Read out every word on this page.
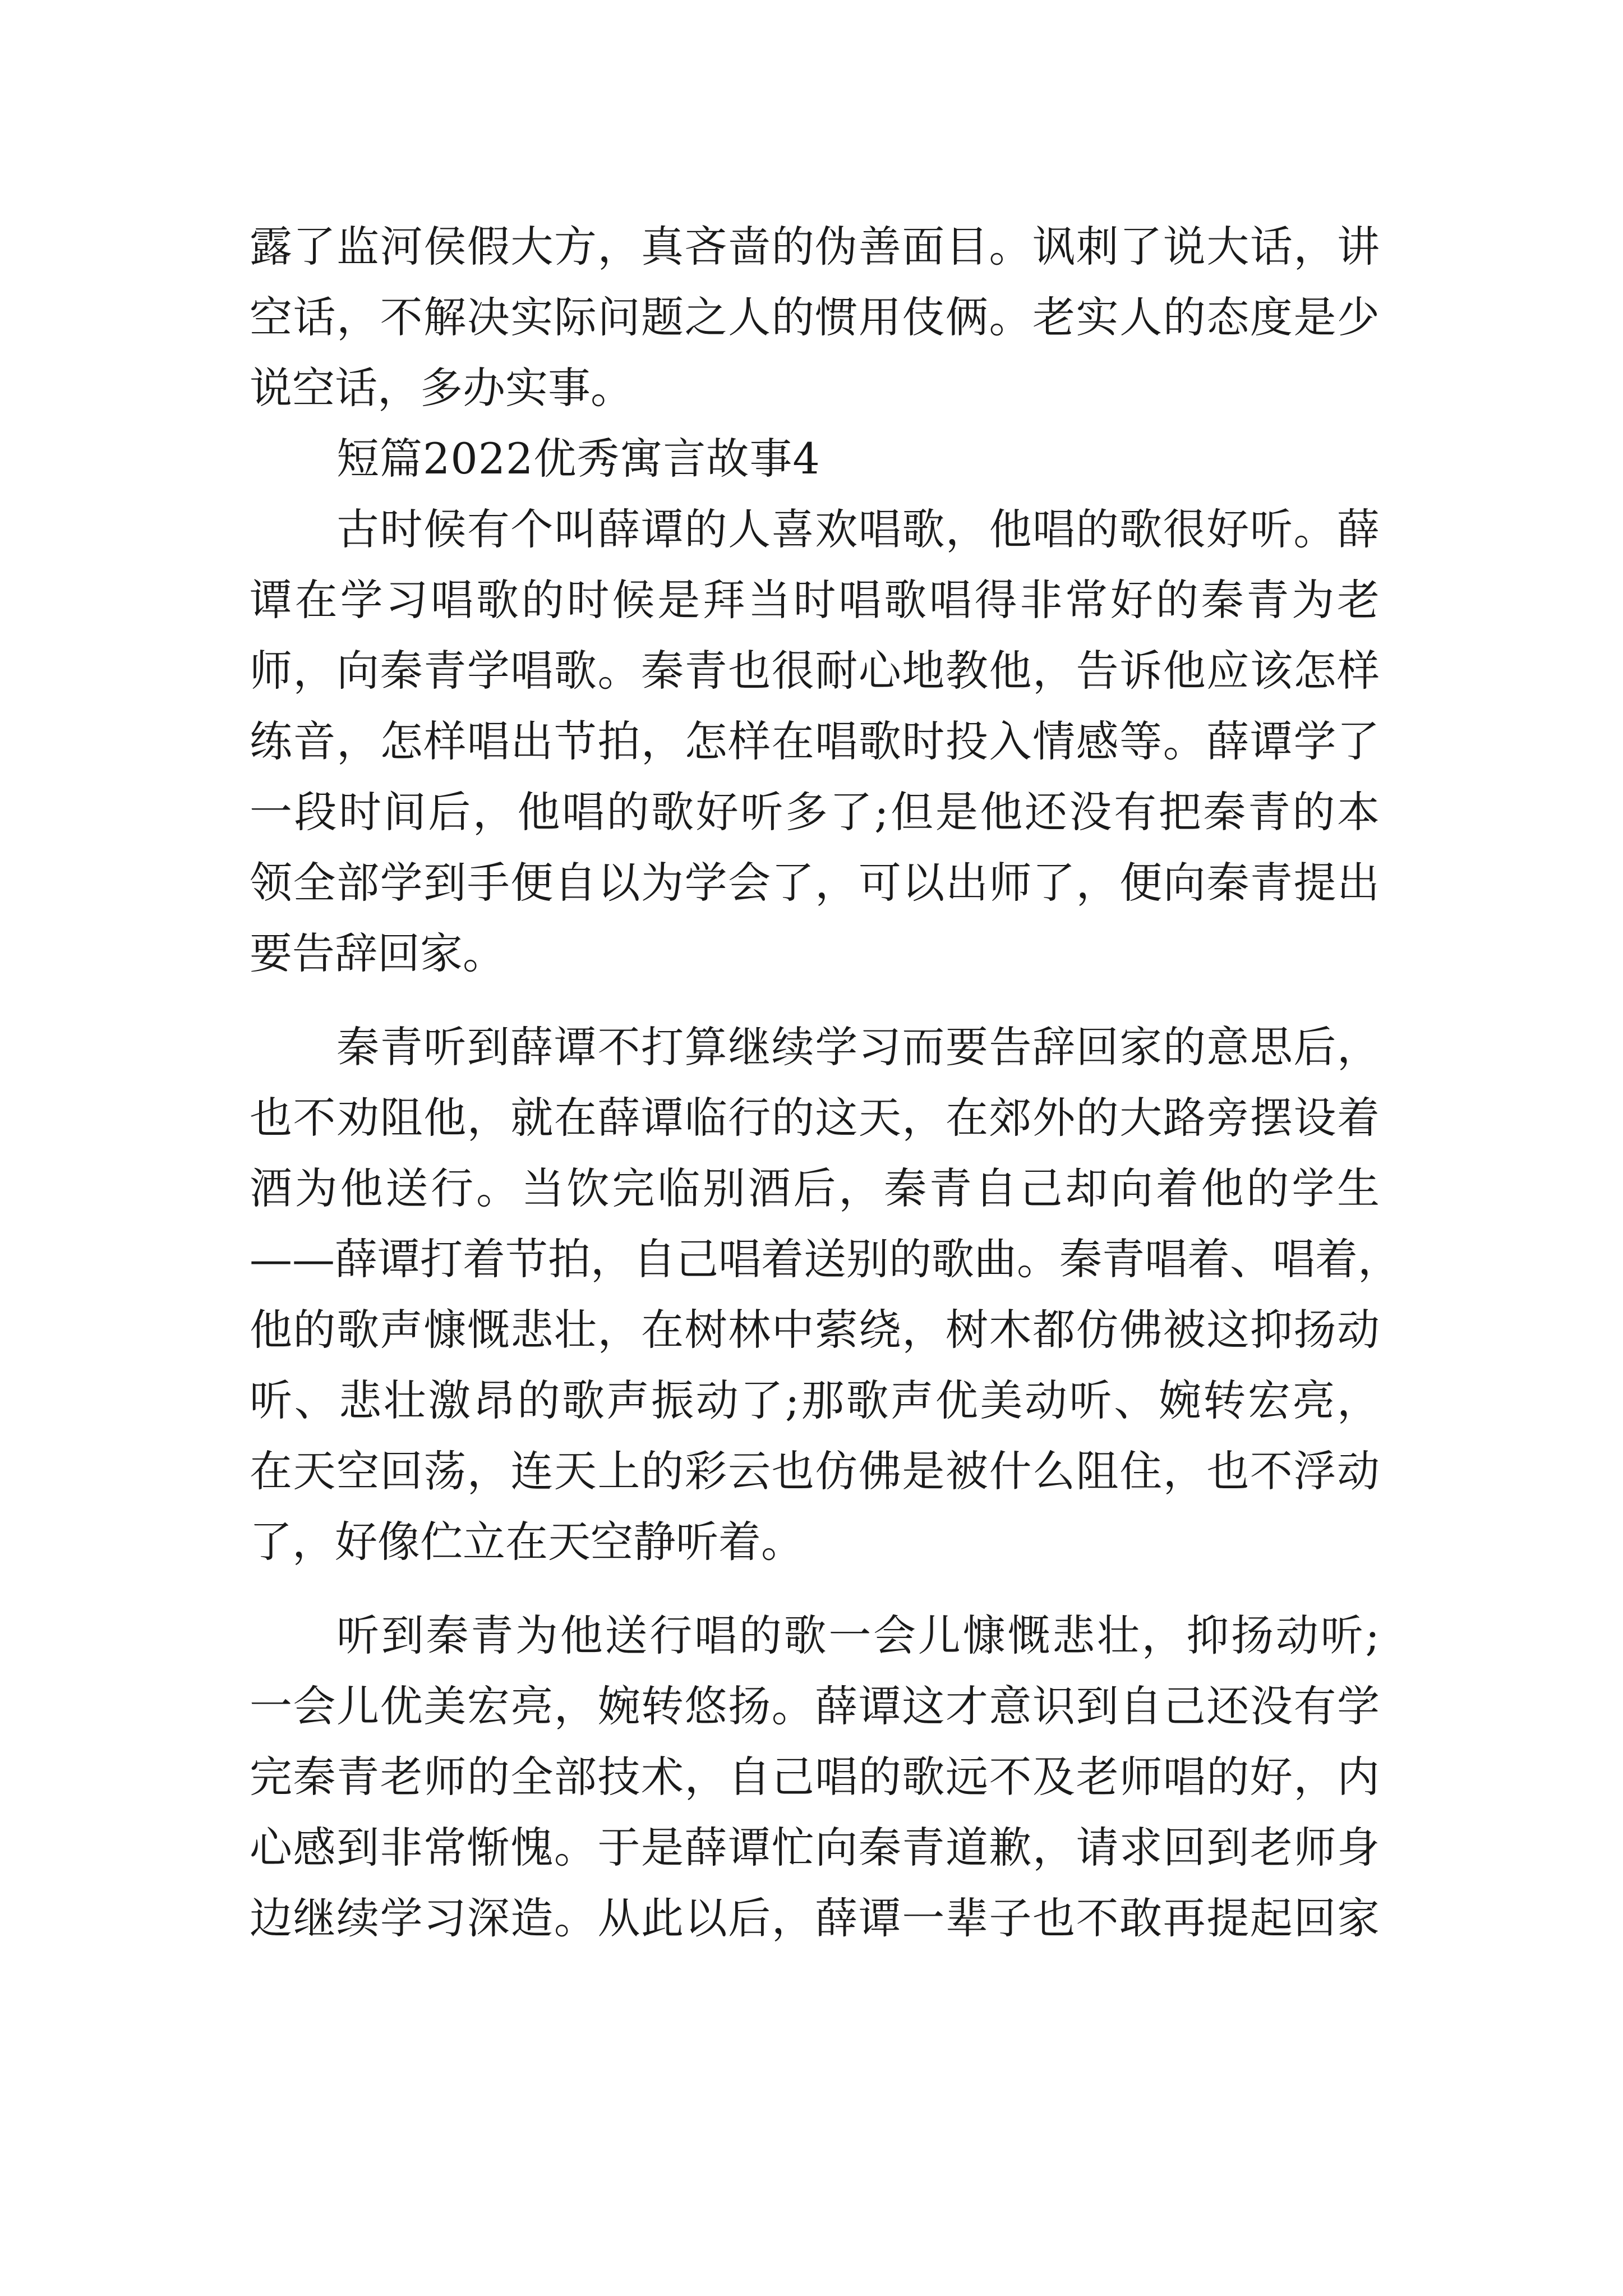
露了监河侯假大方，真吝啬的伪善面目。讽刺了说大话，讲
空话，不解决实际问题之人的惯用伎俩。老实人的态度是少
说空话，多办实事。
短篇2022优秀寓言故事4
古时候有个叫薛谭的人喜欢唱歌，他唱的歌很好听。薛
谭在学习唱歌的时候是拜当时唱歌唱得非常好的秦青为老
师，向秦青学唱歌。秦青也很耐心地教他，告诉他应该怎样
练音，怎样唱出节拍，怎样在唱歌时投入情感等。薛谭学了
一段时间后，他唱的歌好听多了;但是他还没有把秦青的本
领全部学到手便自以为学会了，可以出师了，便向秦青提出
要告辞回家。
秦青听到薛谭不打算继续学习而要告辞回家的意思后，
也不劝阻他，就在薛谭临行的这天，在郊外的大路旁摆设着
酒为他送行。当饮完临别酒后，秦青自己却向着他的学生
——薛谭打着节拍，自己唱着送别的歌曲。秦青唱着、唱着，
他的歌声慷慨悲壮，在树林中萦绕，树木都仿佛被这抑扬动
听、悲壮激昂的歌声振动了;那歌声优美动听、婉转宏亮，
在天空回荡，连天上的彩云也仿佛是被什么阻住，也不浮动
了，好像伫立在天空静听着。
听到秦青为他送行唱的歌一会儿慷慨悲壮，抑扬动听;
一会儿优美宏亮，婉转悠扬。薛谭这才意识到自己还没有学
完秦青老师的全部技术，自己唱的歌远不及老师唱的好，内
心感到非常惭愧。于是薛谭忙向秦青道歉，请求回到老师身
边继续学习深造。从此以后，薛谭一辈子也不敢再提起回家
